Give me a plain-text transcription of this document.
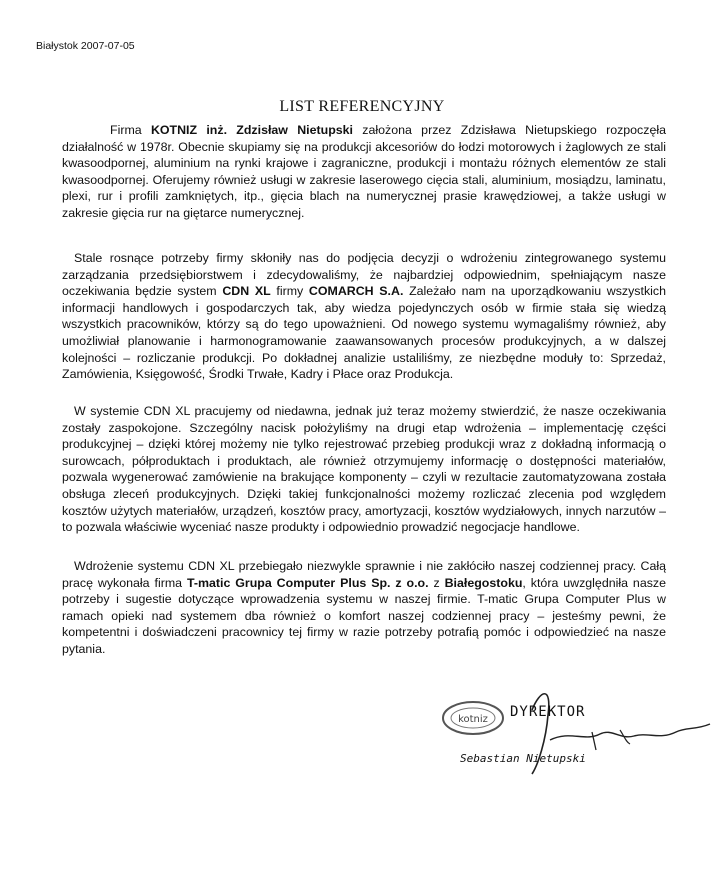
Białystok 2007-07-05
LIST REFERENCYJNY

Firma KOTNIZ inż. Zdzisław Nietupski założona przez Zdzisława Nietupskiego rozpoczęła działalność w 1978r. Obecnie skupiamy się na produkcji akcesoriów do łodzi motorowych i żaglowych ze stali kwasoodpornej, aluminium na rynki krajowe i zagraniczne, produkcji i montażu różnych elementów ze stali kwasoodpornej. Oferujemy również usługi w zakresie laserowego cięcia stali, aluminium, mosiądzu, laminatu, plexi, rur i profili zamkniętych, itp., gięcia blach na numerycznej prasie krawędziowej, a także usługi w zakresie gięcia rur na giętarce numerycznej.

Stale rosnące potrzeby firmy skłoniły nas do podjęcia decyzji o wdrożeniu zintegrowanego systemu zarządzania przedsiębiorstwem i zdecydowaliśmy, że najbardziej odpowiednim, spełniającym nasze oczekiwania będzie system CDN XL firmy COMARCH S.A. Zależało nam na uporządkowaniu wszystkich informacji handlowych i gospodarczych tak, aby wiedza pojedynczych osób w firmie stała się wiedzą wszystkich pracowników, którzy są do tego upoważnieni. Od nowego systemu wymagaliśmy również, aby umożliwiał planowanie i harmonogramowanie zaawansowanych procesów produkcyjnych, a w dalszej kolejności – rozliczanie produkcji. Po dokładnej analizie ustaliliśmy, ze niezbędne moduły to: Sprzedaż, Zamówienia, Księgowość, Środki Trwałe, Kadry i Płace oraz Produkcja.

W systemie CDN XL pracujemy od niedawna, jednak już teraz możemy stwierdzić, że nasze oczekiwania zostały zaspokojone. Szczególny nacisk położyliśmy na drugi etap wdrożenia – implementację części produkcyjnej – dzięki której możemy nie tylko rejestrować przebieg produkcji wraz z dokładną informacją o surowcach, półproduktach i produktach, ale również otrzymujemy informację o dostępności materiałów, pozwala wygenerować zamówienie na brakujące komponenty – czyli w rezultacie zautomatyzowana została obsługa zleceń produkcyjnych. Dzięki takiej funkcjonalności możemy rozliczać zlecenia pod względem kosztów użytych materiałów, urządzeń, kosztów pracy, amortyzacji, kosztów wydziałowych, innych narzutów – to pozwala właściwie wyceniać nasze produkty i odpowiednio prowadzić negocjacje handlowe.

Wdrożenie systemu CDN XL przebiegało niezwykle sprawnie i nie zakłóciło naszej codziennej pracy. Całą pracę wykonała firma T-matic Grupa Computer Plus Sp. z o.o. z Białegostoku, która uwzględniła nasze potrzeby i sugestie dotyczące wprowadzenia systemu w naszej firmie. T-matic Grupa Computer Plus w ramach opieki nad systemem dba również o komfort naszej codziennej pracy – jesteśmy pewni, że kompetentni i doświadczeni pracownicy tej firmy w razie potrzeby potrafią pomóc i odpowiedzieć na nasze pytania.

kotniz DYREKTOR
Sebastian Nietupski
